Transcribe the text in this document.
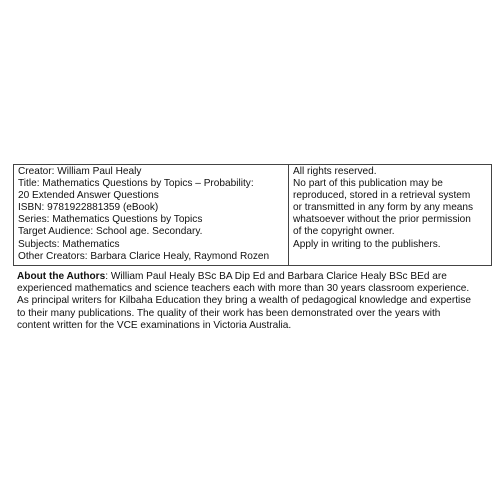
Creator: William Paul Healy
Title: Mathematics Questions by Topics – Probability:
20 Extended Answer Questions
ISBN: 9781922881359 (eBook)
Series: Mathematics Questions by Topics
Target Audience: School age. Secondary.
Subjects: Mathematics
Other Creators: Barbara Clarice Healy, Raymond Rozen

All rights reserved.
No part of this publication may be
reproduced, stored in a retrieval system
or transmitted in any form by any means
whatsoever without the prior permission
of the copyright owner.
Apply in writing to the publishers.

About the Authors: William Paul Healy BSc BA Dip Ed and Barbara Clarice Healy BSc BEd are
experienced mathematics and science teachers each with more than 30 years classroom experience.
As principal writers for Kilbaha Education they bring a wealth of pedagogical knowledge and expertise
to their many publications. The quality of their work has been demonstrated over the years with
content written for the VCE examinations in Victoria Australia.
